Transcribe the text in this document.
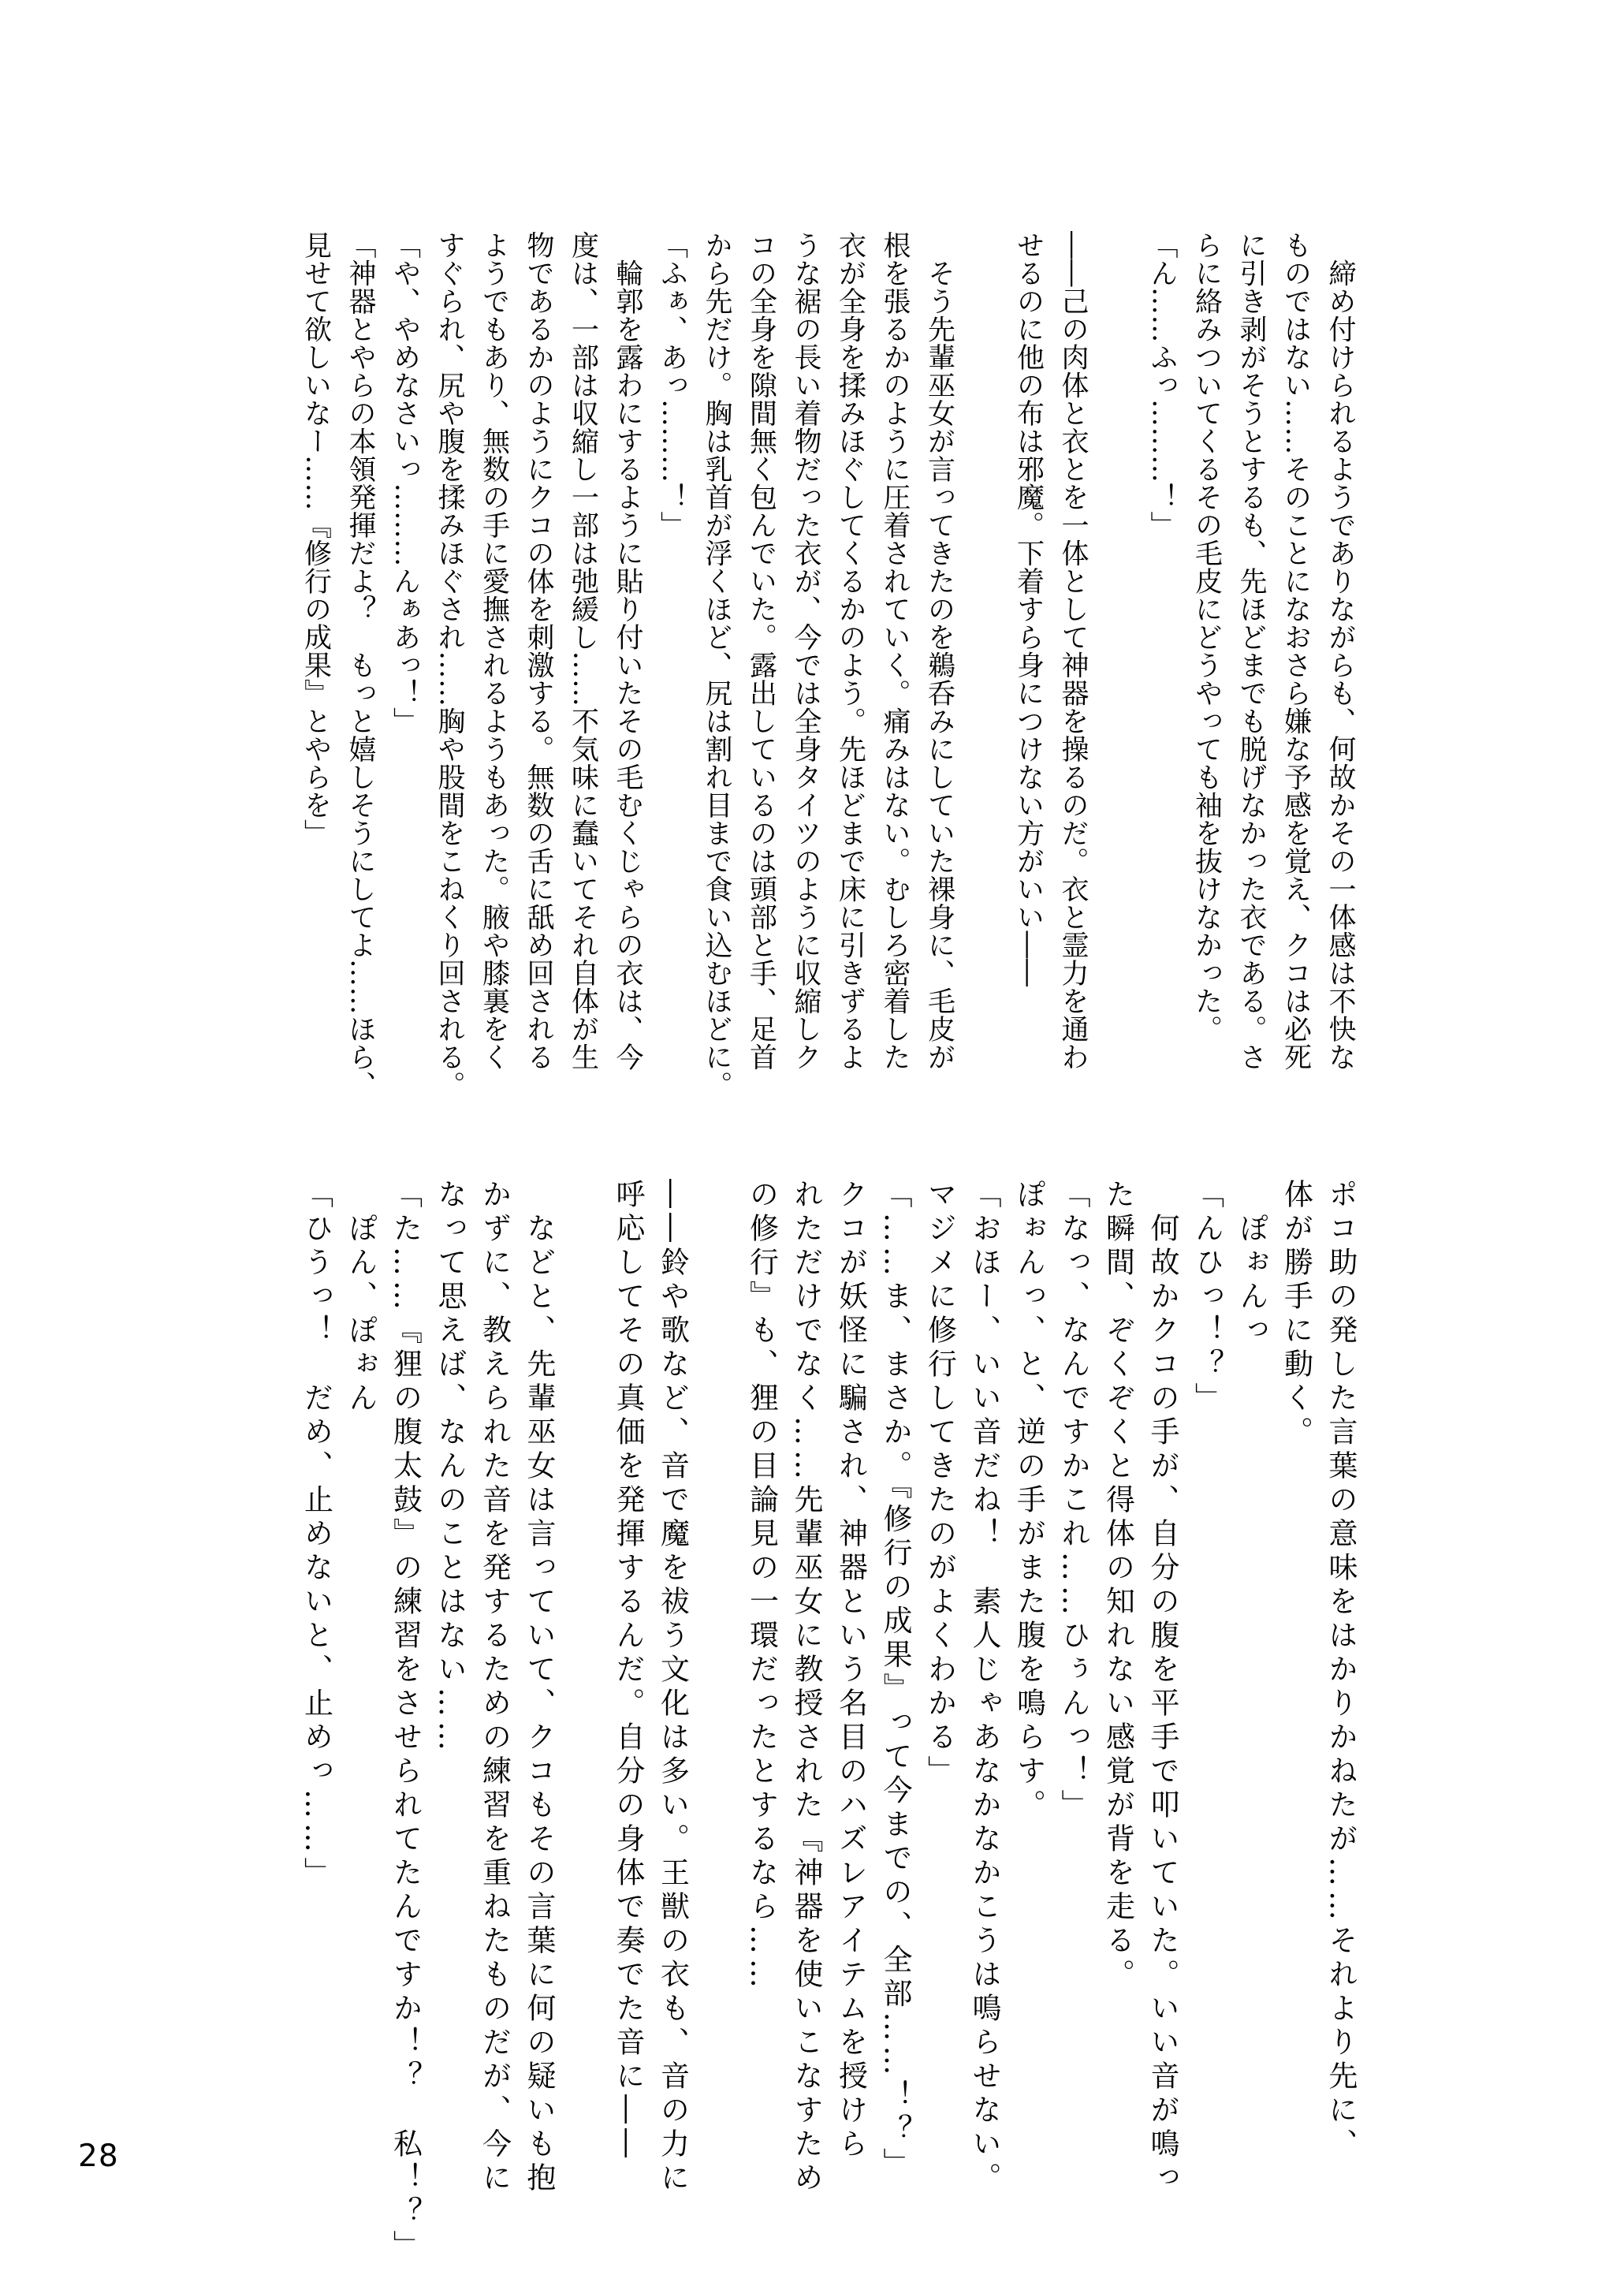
　締め付けられるようでありながらも、何故かその一体感は不快な
ものではない……そのことになおさら嫌な予感を覚え、クコは必死
に引き剥がそうとするも、先ほどまでも脱げなかった衣である。さ
らに絡みついてくるその毛皮にどうやっても袖を抜けなかった。
「ん……ふっ………！」
――己の肉体と衣とを一体として神器を操るのだ。衣と霊力を通わ
せるのに他の布は邪魔。下着すら身につけない方がいい――
　そう先輩巫女が言ってきたのを鵜呑みにしていた裸身に、毛皮が
根を張るかのように圧着されていく。痛みはない。むしろ密着した
衣が全身を揉みほぐしてくるかのよう。先ほどまで床に引きずるよ
うな裾の長い着物だった衣が、今では全身タイツのように収縮しク
コの全身を隙間無く包んでいた。露出しているのは頭部と手、足首
から先だけ。胸は乳首が浮くほど、尻は割れ目まで食い込むほどに。
「ふぁ、あっ………！」
　輪郭を露わにするように貼り付いたその毛むくじゃらの衣は、今
度は、一部は収縮し一部は弛緩し……不気味に蠢いてそれ自体が生
物であるかのようにクコの体を刺激する。無数の舌に舐め回される
ようでもあり、無数の手に愛撫されるようもあった。腋や膝裏をく
すぐられ、尻や腹を揉みほぐされ……胸や股間をこねくり回される。
「や、やめなさいっ………んぁあっ！」
「神器とやらの本領発揮だよ？　もっと嬉しそうにしてよ……ほら、
見せて欲しいなー……『修行の成果』とやらを」
ポコ助の発した言葉の意味をはかりかねたが……それより先に、
体が勝手に動く。
　ぽぉんっ
「んひっ！？」
　何故かクコの手が、自分の腹を平手で叩いていた。いい音が鳴っ
た瞬間、ぞくぞくと得体の知れない感覚が背を走る。
「なっ、なんですかこれ……ひぅんっ！」
ぽぉんっ、と、逆の手がまた腹を鳴らす。
「おほー、いい音だね！　素人じゃあなかなかこうは鳴らせない。
マジメに修行してきたのがよくわかる」
「……ま、まさか。『修行の成果』って今までの、全部……！？」
クコが妖怪に騙され、神器という名目のハズレアイテムを授けら
れただけでなく……先輩巫女に教授された『神器を使いこなすため
の修行』も、狸の目論見の一環だったとするなら……
――鈴や歌など、音で魔を祓う文化は多い。王獣の衣も、音の力に
呼応してその真価を発揮するんだ。自分の身体で奏でた音に――
　などと、先輩巫女は言っていて、クコもその言葉に何の疑いも抱
かずに、教えられた音を発するための練習を重ねたものだが、今に
なって思えば、なんのことはない……
「た……『狸の腹太鼓』の練習をさせられてたんですか！？　私！？」
　ぽん、ぽぉん
「ひうっ！　だめ、止めないと、止めっ……」
28
